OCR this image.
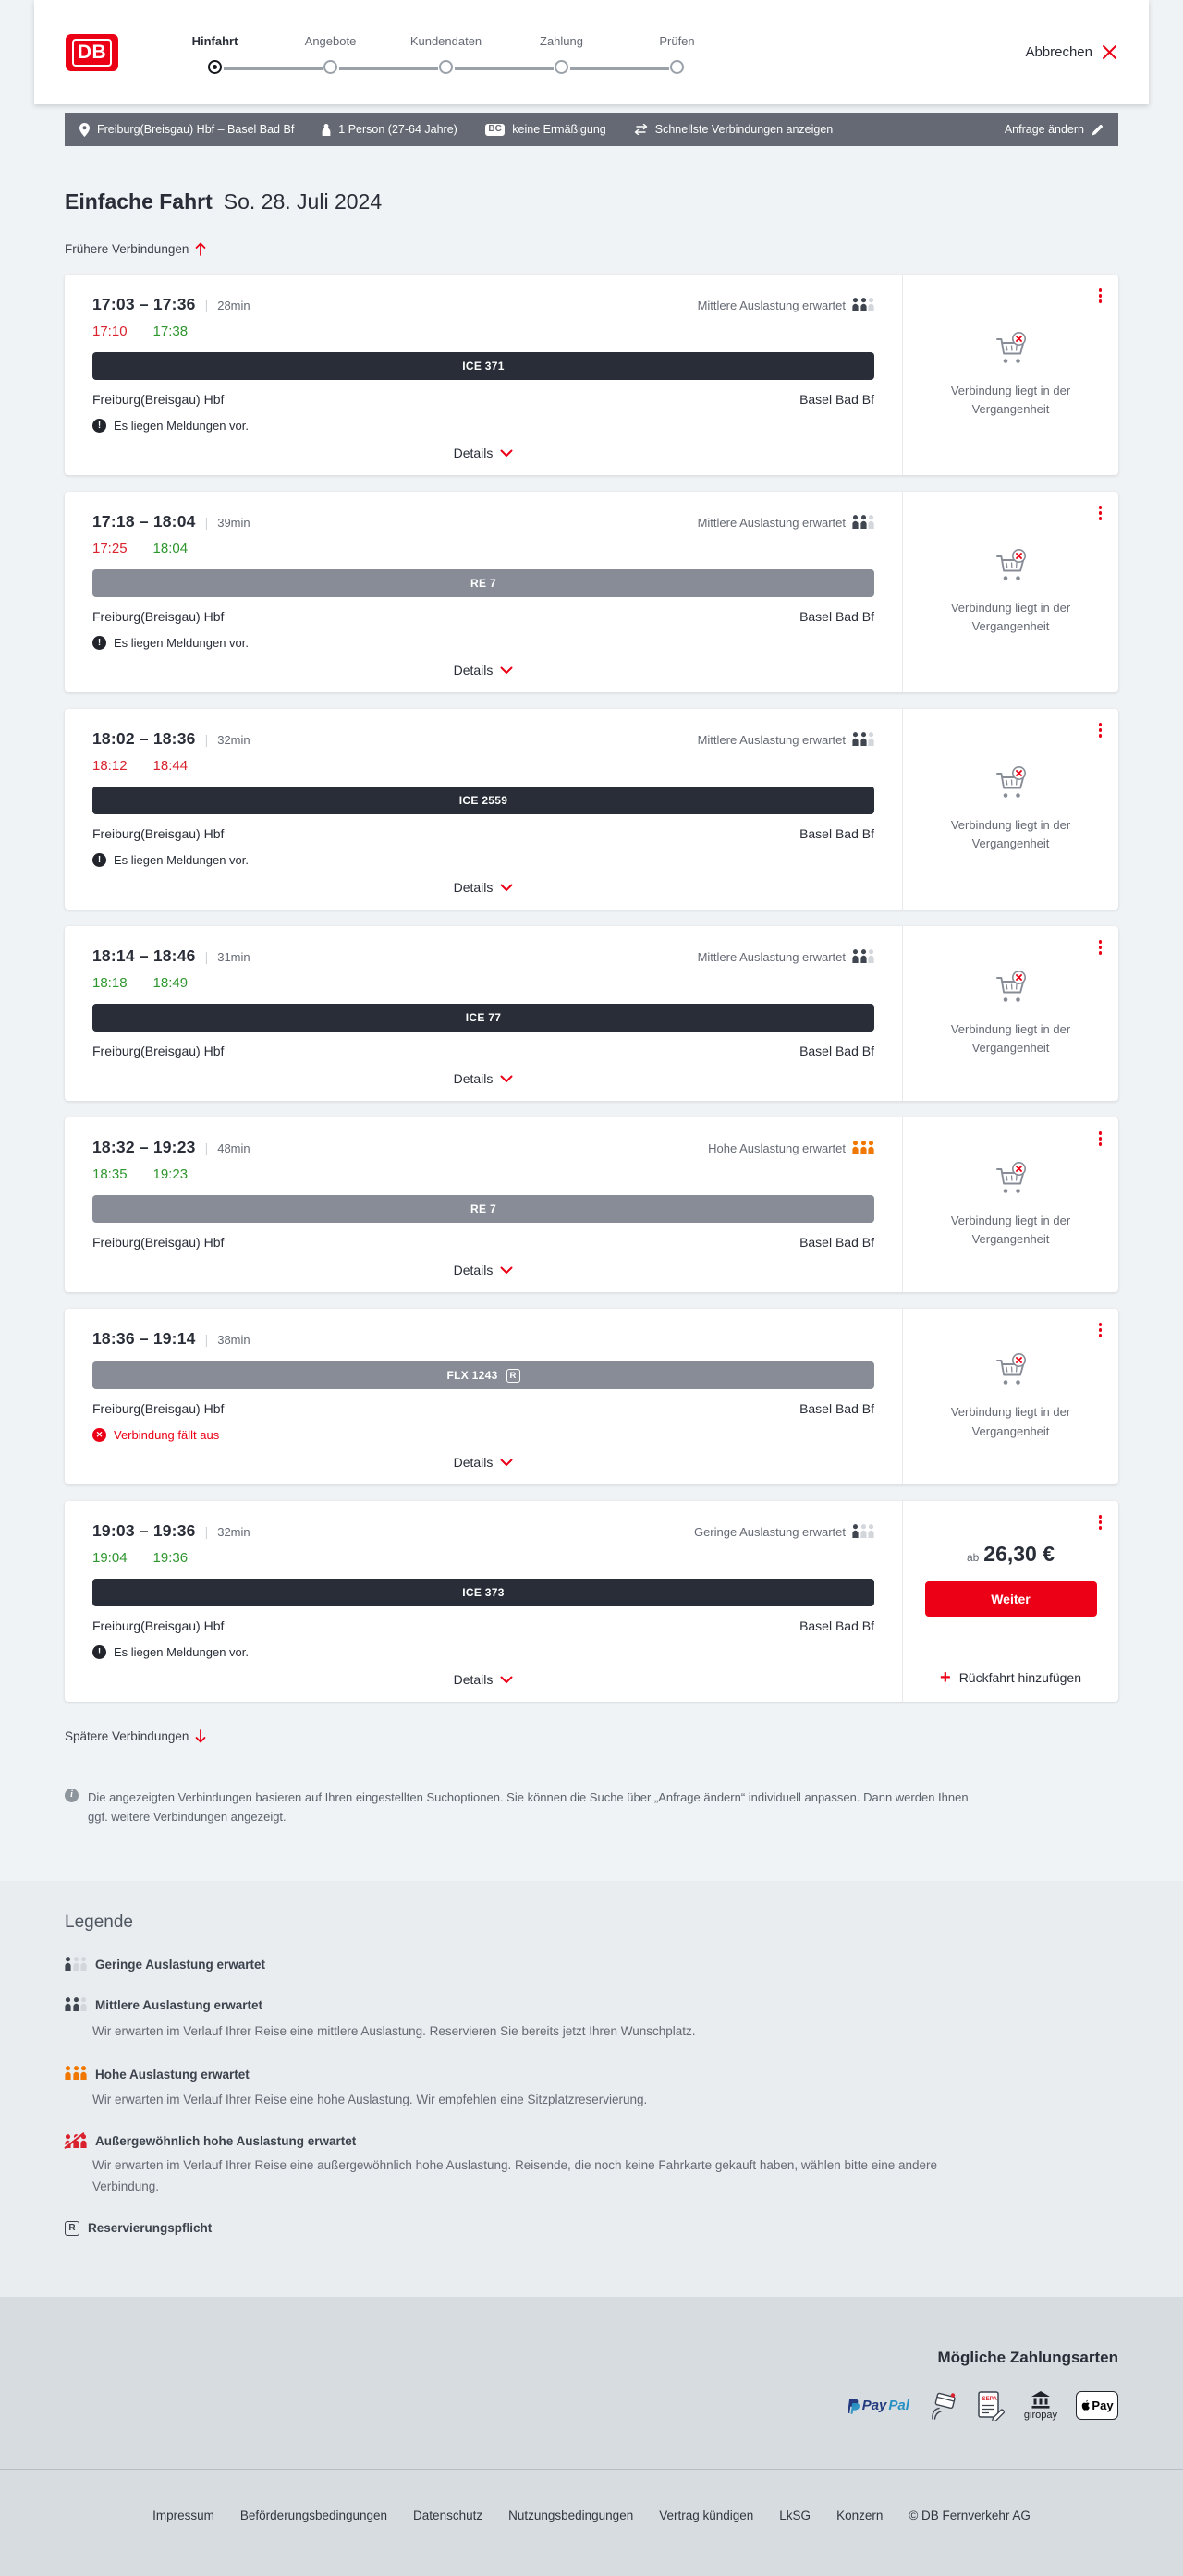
DB	Hinfahrt	Angebote	Kundendaten	Zahlung	Prüfen
Abbrechen
Freiburg(Breisgau) Hbf – Basel Bad Bf	1 Person (27-64 Jahre)	BC keine Ermäßigung	Schnellste Verbindungen anzeigen	Anfrage ändern
Einfache Fahrt So. 28. Juli 2024
Frühere Verbindungen
17:03 – 17:36 | 28min	Mittlere Auslastung erwartet
17:10 17:38
ICE 371
Freiburg(Breisgau) Hbf	Basel Bad Bf
!	Es liegen Meldungen vor.
Details
Verbindung liegt in der Vergangenheit
17:18 – 18:04 | 39min	Mittlere Auslastung erwartet
17:25 18:04
RE 7
Freiburg(Breisgau) Hbf	Basel Bad Bf
!	Es liegen Meldungen vor.
Details
Verbindung liegt in der Vergangenheit
18:02 – 18:36 | 32min	Mittlere Auslastung erwartet
18:12 18:44
ICE 2559
Freiburg(Breisgau) Hbf	Basel Bad Bf
!	Es liegen Meldungen vor.
Details
Verbindung liegt in der Vergangenheit
18:14 – 18:46 | 31min	Mittlere Auslastung erwartet
18:18 18:49
ICE 77
Freiburg(Breisgau) Hbf	Basel Bad Bf
Details
Verbindung liegt in der Vergangenheit
18:32 – 19:23 | 48min	Hohe Auslastung erwartet
18:35 19:23
RE 7
Freiburg(Breisgau) Hbf	Basel Bad Bf
Details
Verbindung liegt in der Vergangenheit
18:36 – 19:14 | 38min
FLX 1243	R
Freiburg(Breisgau) Hbf	Basel Bad Bf
✕ Verbindung fällt aus
Details
Verbindung liegt in der Vergangenheit
19:03 – 19:36 | 32min	Geringe Auslastung erwartet
19:04 19:36
ICE 373
Freiburg(Breisgau) Hbf	Basel Bad Bf
!	Es liegen Meldungen vor.
Details
ab 26,30 €
Weiter
+ Rückfahrt hinzufügen
Spätere Verbindungen
i	Die angezeigten Verbindungen basieren auf Ihren eingestellten Suchoptionen. Sie können die Suche über „Anfrage ändern“ individuell anpassen. Dann werden Ihnen ggf. weitere Verbindungen angezeigt.
Legende
Geringe Auslastung erwartet
Mittlere Auslastung erwartet

Wir erwarten im Verlauf Ihrer Reise eine mittlere Auslastung. Reservieren Sie bereits jetzt Ihren Wunschplatz.

Hohe Auslastung erwartet

Wir erwarten im Verlauf Ihrer Reise eine hohe Auslastung. Wir empfehlen eine Sitzplatzreservierung.

Außergewöhnlich hohe Auslastung erwartet

Wir erwarten im Verlauf Ihrer Reise eine außergewöhnlich hohe Auslastung. Reisende, die noch keine Fahrkarte gekauft haben, wählen bitte eine andere Verbindung.

R Reservierungspflicht
Mögliche Zahlungsarten
Pay Pal	SEPA
giropay
Pay
Impressum Beförderungsbedingungen Datenschutz Nutzungsbedingungen Vertrag kündigen LkSG Konzern © DB Fernverkehr AG
